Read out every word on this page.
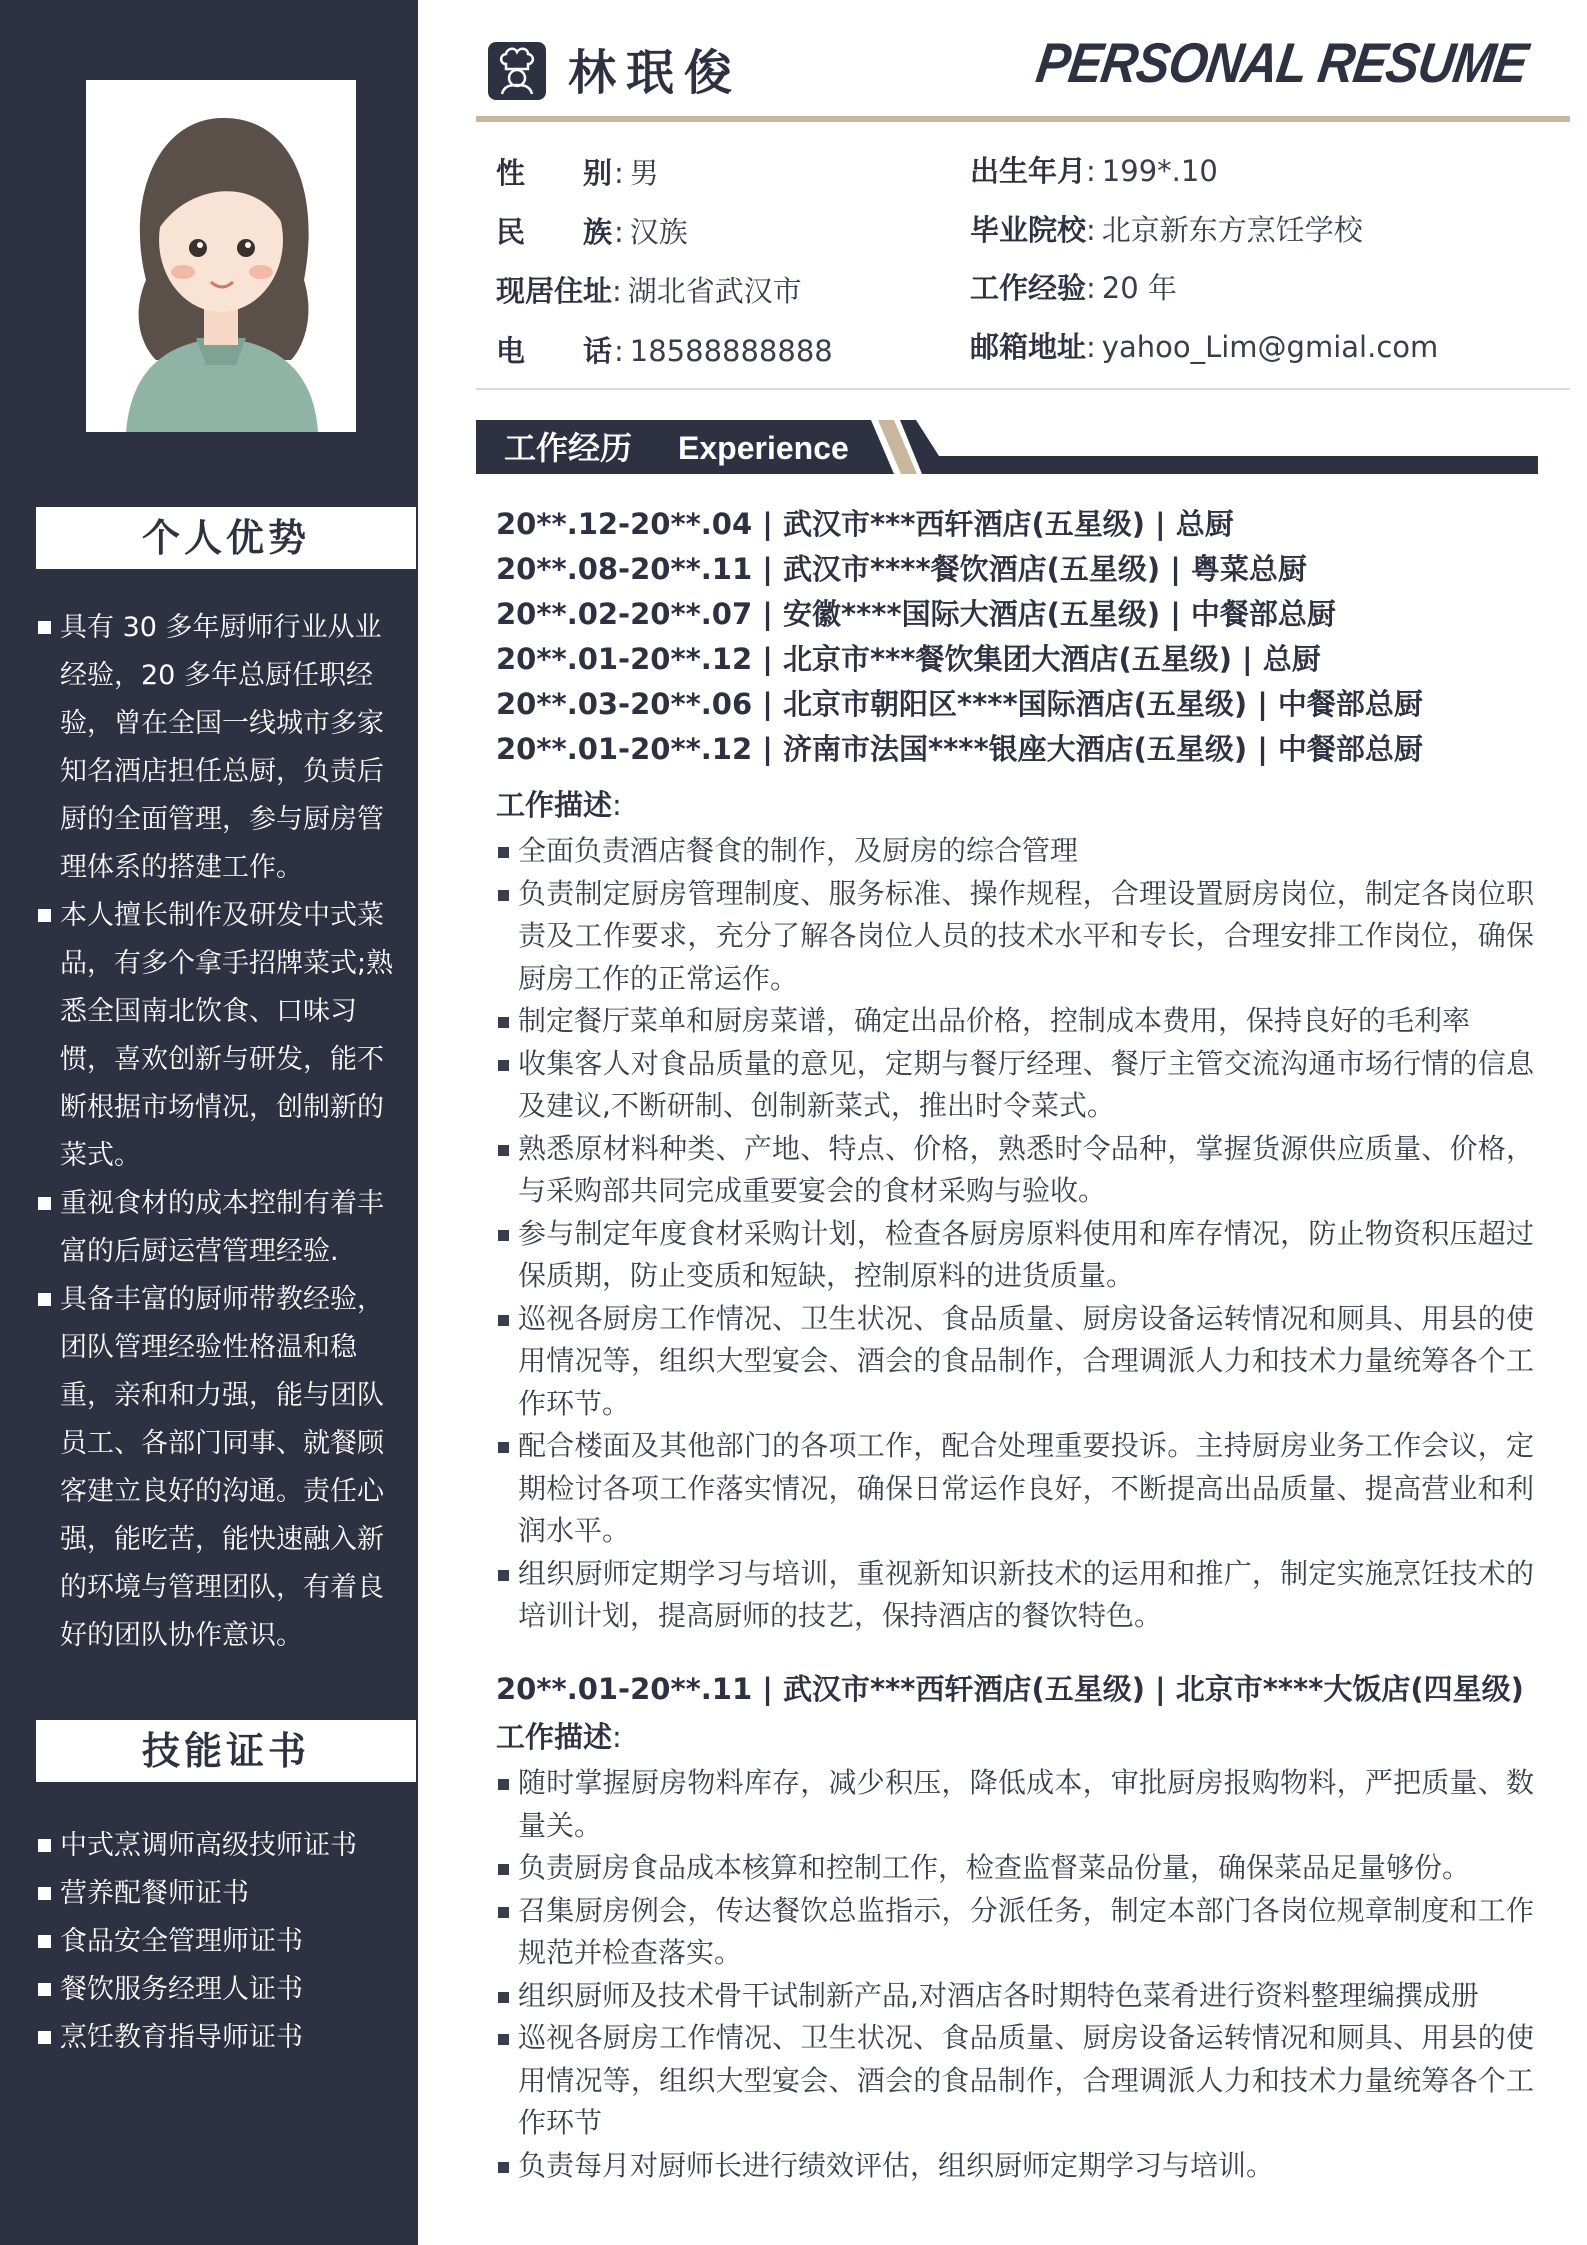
个人优势
具有 30 多年厨师行业从业经验，20 多年总厨任职经验，曾在全国一线城市多家知名酒店担任总厨，负责后厨的全面管理，参与厨房管理体系的搭建工作。
本人擅长制作及研发中式菜品，有多个拿手招牌菜式;熟悉全国南北饮食、口味习惯，喜欢创新与研发，能不断根据市场情况，创制新的菜式。
重视食材的成本控制有着丰富的后厨运营管理经验.
具备丰富的厨师带教经验，团队管理经验性格温和稳重，亲和和力强，能与团队员工、各部门同事、就餐顾客建立良好的沟通。责任心强，能吃苦，能快速融入新的环境与管理团队，有着良好的团队协作意识。
技能证书
中式烹调师高级技师证书
营养配餐师证书
食品安全管理师证书
餐饮服务经理人证书
烹饪教育指导师证书
林珉俊	PERSONAL RESUME
性 别: 男	出生年月: 199*.10
民 族: 汉族	毕业院校: 北京新东方烹饪学校
现居住址: 湖北省武汉市	工作经验: 20 年
电 话: 18588888888	邮箱地址: yahoo_Lim@gmial.com
工作经历 Experience
20**.12-20**.04 | 武汉市***西轩酒店(五星级) | 总厨
20**.08-20**.11 | 武汉市****餐饮酒店(五星级) | 粤菜总厨
20**.02-20**.07 | 安徽****国际大酒店(五星级) | 中餐部总厨
20**.01-20**.12 | 北京市***餐饮集团大酒店(五星级) | 总厨
20**.03-20**.06 | 北京市朝阳区****国际酒店(五星级) | 中餐部总厨
20**.01-20**.12 | 济南市法国****银座大酒店(五星级) | 中餐部总厨
工作描述:
全面负责酒店餐食的制作，及厨房的综合管理
负责制定厨房管理制度、服务标准、操作规程，合理设置厨房岗位，制定各岗位职责及工作要求，充分了解各岗位人员的技术水平和专长，合理安排工作岗位，确保厨房工作的正常运作。
制定餐厅菜单和厨房菜谱，确定出品价格，控制成本费用，保持良好的毛利率
收集客人对食品质量的意见，定期与餐厅经理、餐厅主管交流沟通市场行情的信息及建议,不断研制、创制新菜式，推出时令菜式。
熟悉原材料种类、产地、特点、价格，熟悉时令品种，掌握货源供应质量、价格，与采购部共同完成重要宴会的食材采购与验收。
参与制定年度食材采购计划，检查各厨房原料使用和库存情况，防止物资积压超过保质期，防止变质和短缺，控制原料的进货质量。
巡视各厨房工作情况、卫生状况、食品质量、厨房设备运转情况和厕具、用县的使用情况等，组织大型宴会、酒会的食品制作，合理调派人力和技术力量统筹各个工作环节。
配合楼面及其他部门的各项工作，配合处理重要投诉。主持厨房业务工作会议，定期检讨各项工作落实情况，确保日常运作良好，不断提高出品质量、提高营业和利润水平。
组织厨师定期学习与培训，重视新知识新技术的运用和推广，制定实施烹饪技术的培训计划，提高厨师的技艺，保持酒店的餐饮特色。
20**.01-20**.11 | 武汉市***西轩酒店(五星级) | 北京市****大饭店(四星级)
工作描述:
随时掌握厨房物料库存，减少积压，降低成本，审批厨房报购物料，严把质量、数量关。
负责厨房食品成本核算和控制工作，检查监督菜品份量，确保菜品足量够份。
召集厨房例会，传达餐饮总监指示，分派任务，制定本部门各岗位规章制度和工作规范并检查落实。
组织厨师及技术骨干试制新产品,对酒店各时期特色菜肴进行资料整理编撰成册
巡视各厨房工作情况、卫生状况、食品质量、厨房设备运转情况和厕具、用县的使用情况等，组织大型宴会、酒会的食品制作，合理调派人力和技术力量统筹各个工作环节
负责每月对厨师长进行绩效评估，组织厨师定期学习与培训。
